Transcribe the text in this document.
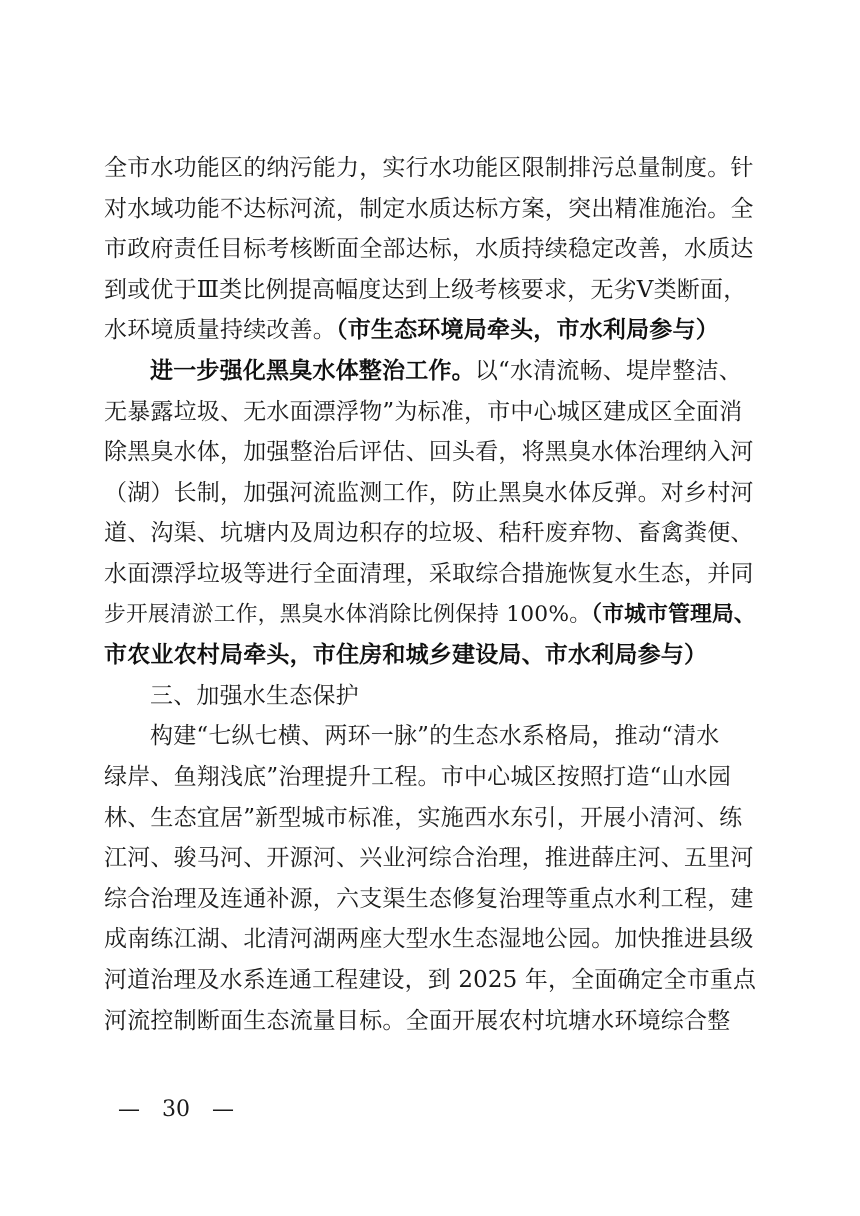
全市水功能区的纳污能力，实行水功能区限制排污总量制度。针
对水域功能不达标河流，制定水质达标方案，突出精准施治。全
市政府责任目标考核断面全部达标，水质持续稳定改善，水质达
到或优于Ⅲ类比例提高幅度达到上级考核要求，无劣Ⅴ类断面，
水环境质量持续改善。（市生态环境局牵头，市水利局参与）
进一步强化黑臭水体整治工作。以“水清流畅、堤岸整洁、
无暴露垃圾、无水面漂浮物”为标准，市中心城区建成区全面消
除黑臭水体，加强整治后评估、回头看，将黑臭水体治理纳入河
（湖）长制，加强河流监测工作，防止黑臭水体反弹。对乡村河
道、沟渠、坑塘内及周边积存的垃圾、秸秆废弃物、畜禽粪便、
水面漂浮垃圾等进行全面清理，采取综合措施恢复水生态，并同
步开展清淤工作，黑臭水体消除比例保持 100%。（市城市管理局、
市农业农村局牵头，市住房和城乡建设局、市水利局参与）
三、加强水生态保护
构建“七纵七横、两环一脉”的生态水系格局，推动“清水
绿岸、鱼翔浅底”治理提升工程。市中心城区按照打造“山水园
林、生态宜居”新型城市标准，实施西水东引，开展小清河、练
江河、骏马河、开源河、兴业河综合治理，推进薛庄河、五里河
综合治理及连通补源，六支渠生态修复治理等重点水利工程，建
成南练江湖、北清河湖两座大型水生态湿地公园。加快推进县级
河道治理及水系连通工程建设，到 2025 年，全面确定全市重点
河流控制断面生态流量目标。全面开展农村坑塘水环境综合整
—　30　—
